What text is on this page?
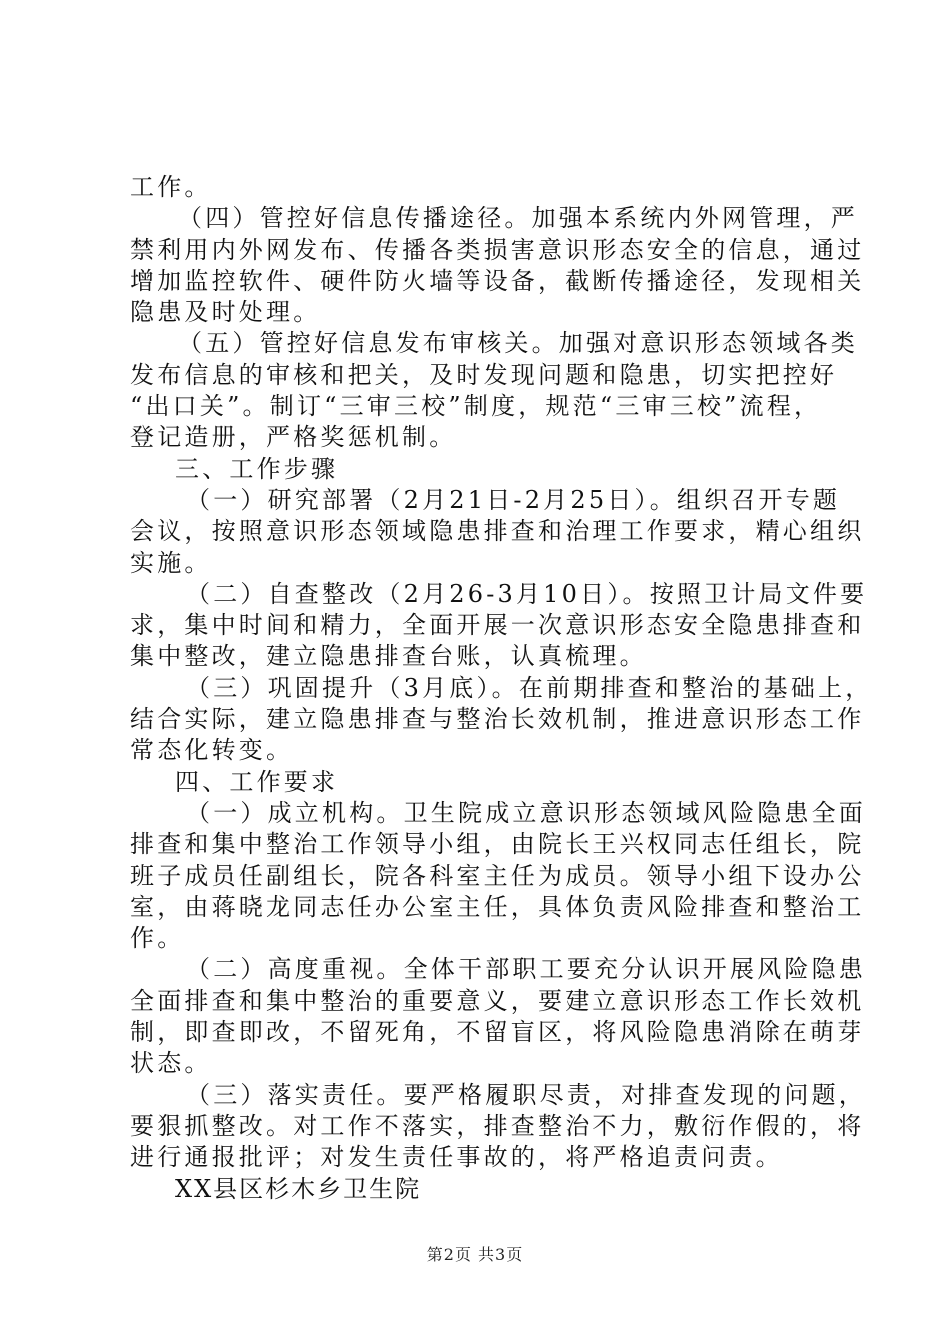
工作。

（四）管控好信息传播途径。加强本系统内外网管理，严

禁利用内外网发布、传播各类损害意识形态安全的信息，通过

增加监控软件、硬件防火墙等设备，截断传播途径，发现相关

隐患及时处理。

（五）管控好信息发布审核关。加强对意识形态领域各类

发布信息的审核和把关，及时发现问题和隐患，切实把控好

“出口关”。制订“三审三校”制度，规范“三审三校”流程，

登记造册，严格奖惩机制。

三、工作步骤

（一）研究部署（2月21日-2月25日）。组织召开专题

会议，按照意识形态领域隐患排查和治理工作要求，精心组织

实施。

（二）自查整改（2月26-3月10日）。按照卫计局文件要

求，集中时间和精力，全面开展一次意识形态安全隐患排查和

集中整改，建立隐患排查台账，认真梳理。

（三）巩固提升（3月底）。在前期排查和整治的基础上，

结合实际，建立隐患排查与整治长效机制，推进意识形态工作

常态化转变。

四、工作要求

（一）成立机构。卫生院成立意识形态领域风险隐患全面

排查和集中整治工作领导小组，由院长王兴权同志任组长，院

班子成员任副组长，院各科室主任为成员。领导小组下设办公

室，由蒋晓龙同志任办公室主任，具体负责风险排查和整治工

作。

（二）高度重视。全体干部职工要充分认识开展风险隐患

全面排查和集中整治的重要意义，要建立意识形态工作长效机

制，即查即改，不留死角，不留盲区，将风险隐患消除在萌芽

状态。

（三）落实责任。要严格履职尽责，对排查发现的问题，

要狠抓整改。对工作不落实，排查整治不力，敷衍作假的，将

进行通报批评；对发生责任事故的，将严格追责问责。

XX县区杉木乡卫生院

第2页 共3页
